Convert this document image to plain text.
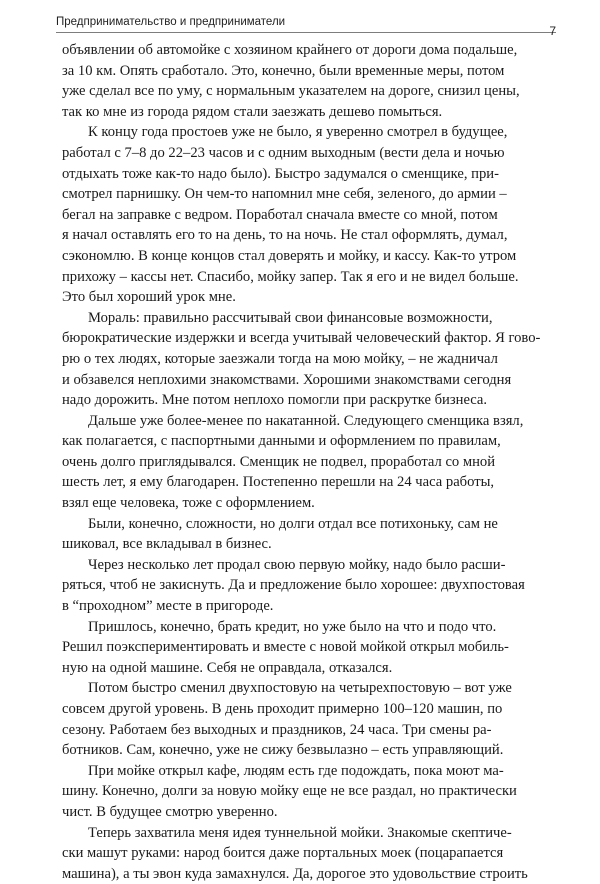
Предпринимательство и предприниматели
7
объявлении об автомойке с хозяином крайнего от дороги дома подальше,
за 10 км. Опять сработало. Это, конечно, были временные меры, потом
уже сделал все по уму, с нормальным указателем на дороге, снизил цены,
так ко мне из города рядом стали заезжать дешево помыться.
К концу года простоев уже не было, я уверенно смотрел в будущее,
работал с 7–8 до 22–23 часов и с одним выходным (вести дела и ночью
отдыхать тоже как-то надо было). Быстро задумался о сменщике, при-
смотрел парнишку. Он чем-то напомнил мне себя, зеленого, до армии –
бегал на заправке с ведром. Поработал сначала вместе со мной, потом
я начал оставлять его то на день, то на ночь. Не стал оформлять, думал,
сэкономлю. В конце концов стал доверять и мойку, и кассу. Как-то утром
прихожу – кассы нет. Спасибо, мойку запер. Так я его и не видел больше.
Это был хороший урок мне.
Мораль: правильно рассчитывай свои финансовые возможности,
бюрократические издержки и всегда учитывай человеческий фактор. Я гово-
рю о тех людях, которые заезжали тогда на мою мойку, – не жадничал
и обзавелся неплохими знакомствами. Хорошими знакомствами сегодня
надо дорожить. Мне потом неплохо помогли при раскрутке бизнеса.
Дальше уже более-менее по накатанной. Следующего сменщика взял,
как полагается, с паспортными данными и оформлением по правилам,
очень долго приглядывался. Сменщик не подвел, проработал со мной
шесть лет, я ему благодарен. Постепенно перешли на 24 часа работы,
взял еще человека, тоже с оформлением.
Были, конечно, сложности, но долги отдал все потихоньку, сам не
шиковал, все вкладывал в бизнес.
Через несколько лет продал свою первую мойку, надо было расши-
ряться, чтоб не закиснуть. Да и предложение было хорошее: двухпостовая
в “проходном” месте в пригороде.
Пришлось, конечно, брать кредит, но уже было на что и подо что.
Решил поэкспериментировать и вместе с новой мойкой открыл мобиль-
ную на одной машине. Себя не оправдала, отказался.
Потом быстро сменил двухпостовую на четырехпостовую – вот уже
совсем другой уровень. В день проходит примерно 100–120 машин, по
сезону. Работаем без выходных и праздников, 24 часа. Три смены ра-
ботников. Сам, конечно, уже не сижу безвылазно – есть управляющий.
При мойке открыл кафе, людям есть где подождать, пока моют ма-
шину. Конечно, долги за новую мойку еще не все раздал, но практически
чист. В будущее смотрю уверенно.
Теперь захватила меня идея туннельной мойки. Знакомые скептиче-
ски машут руками: народ боится даже портальных моек (поцарапается
машина), а ты эвон куда замахнулся. Да, дорогое это удовольствие строить
